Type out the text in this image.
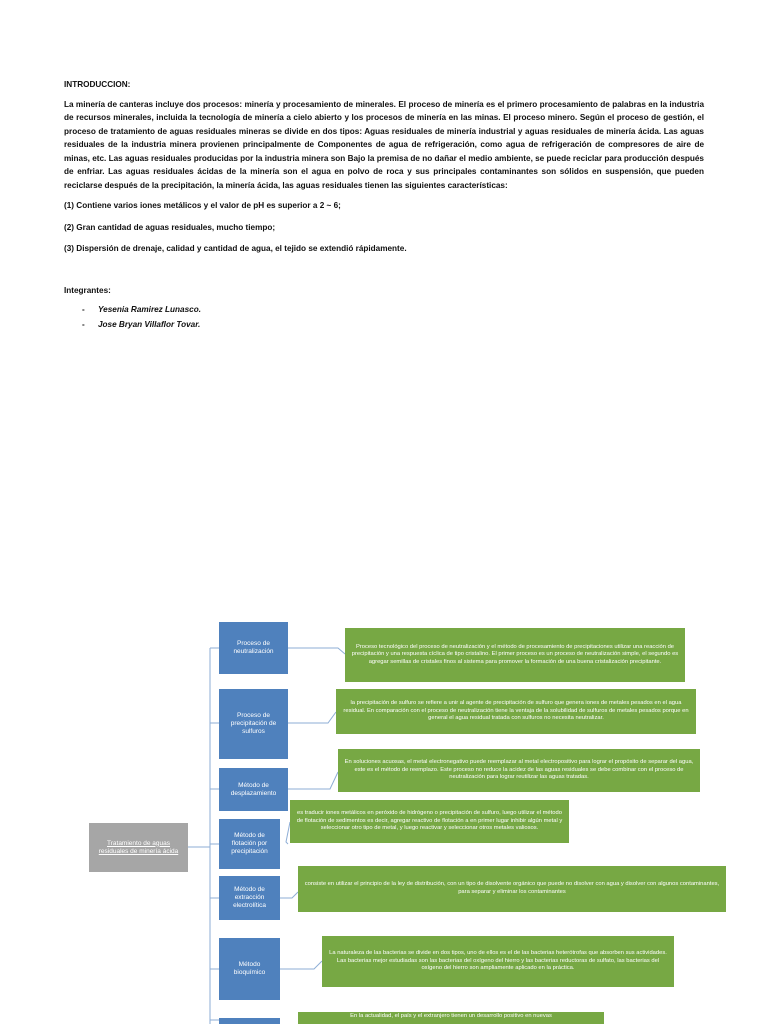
INTRODUCCION:
La minería de canteras incluye dos procesos: minería y procesamiento de minerales. El proceso de minería es el primero procesamiento de palabras en la industria de recursos minerales, incluida la tecnología de minería a cielo abierto y los procesos de minería en las minas. El proceso minero. Según el proceso de gestión, el proceso de tratamiento de aguas residuales mineras se divide en dos tipos: Aguas residuales de minería industrial y aguas residuales de minería ácida. Las aguas residuales de la industria minera provienen principalmente de Componentes de agua de refrigeración, como agua de refrigeración de compresores de aire de minas, etc. Las aguas residuales producidas por la industria minera son Bajo la premisa de no dañar el medio ambiente, se puede reciclar para producción después de enfriar. Las aguas residuales ácidas de la minería son el agua en polvo de roca y sus principales contaminantes son sólidos en suspensión, que pueden reciclarse después de la precipitación, la minería ácida, las aguas residuales tienen las siguientes características:
(1) Contiene varios iones metálicos y el valor de pH es superior a 2 ~ 6;
(2) Gran cantidad de aguas residuales, mucho tiempo;
(3) Dispersión de drenaje, calidad y cantidad de agua, el tejido se extendió rápidamente.
Integrantes:
-	Yesenia Ramirez Lunasco.
-	Jose Bryan Villaflor Tovar.
Tratamiento de aguas residuales de minería ácida
Proceso de neutralización
Proceso de precipitación de sulfuros
Método de desplazamiento
Método de flotación por precipitación
Método de extracción electrolítica
Método bioquímico
Proceso tecnológico del proceso de neutralización y el método de procesamiento de precipitaciones utilizar una reacción de precipitación y una respuesta cíclica de tipo cristalino. El primer proceso es un proceso de neutralización simple, el segundo es agregar semillas de cristales finos al sistema para promover la formación de una buena cristalización precipitante.
la precipitación de sulfuro se refiere a unir al agente de precipitación de sulfuro que genera iones de metales pesados en el agua residual. En comparación con el proceso de neutralización tiene la ventaja de la solubilidad de sulfuros de metales pesados porque en general el agua residual tratada con sulfuros no necesita neutralizar.
En soluciones acuosas, el metal electronegativo puede reemplazar al metal electropositivo para lograr el propósito de separar del agua, este es el método de reemplazo. Este proceso no reduce la acidez de las aguas residuales se debe combinar con el proceso de neutralización para lograr reutilizar las aguas tratadas.
es traducir iones metálicos en peróxido de hidrógeno o precipitación de sulfuro, luego utilizar el método de flotación de sedimentos es decir, agregar reactivo de flotación a en primer lugar inhibir algún metal y seleccionar otro tipo de metal, y luego reactivar y seleccionar otros metales valiosos.
consiste en utilizar el principio de la ley de distribución, con un tipo de disolvente orgánico que puede no disolver con agua y disolver con algunos contaminantes, para separar y eliminar los contaminantes
La naturaleza de las bacterias se divide en dos tipos, uno de ellos es el de las bacterias heterótrofas que absorben sus actividades. Las bacterias mejor estudiadas son las bacterias del oxígeno del hierro y las bacterias reductoras de sulfato, las bacterias del oxígeno del hierro son ampliamente aplicado en la práctica.
En la actualidad, el país y el extranjero tienen un desarrollo positivo en nuevas
